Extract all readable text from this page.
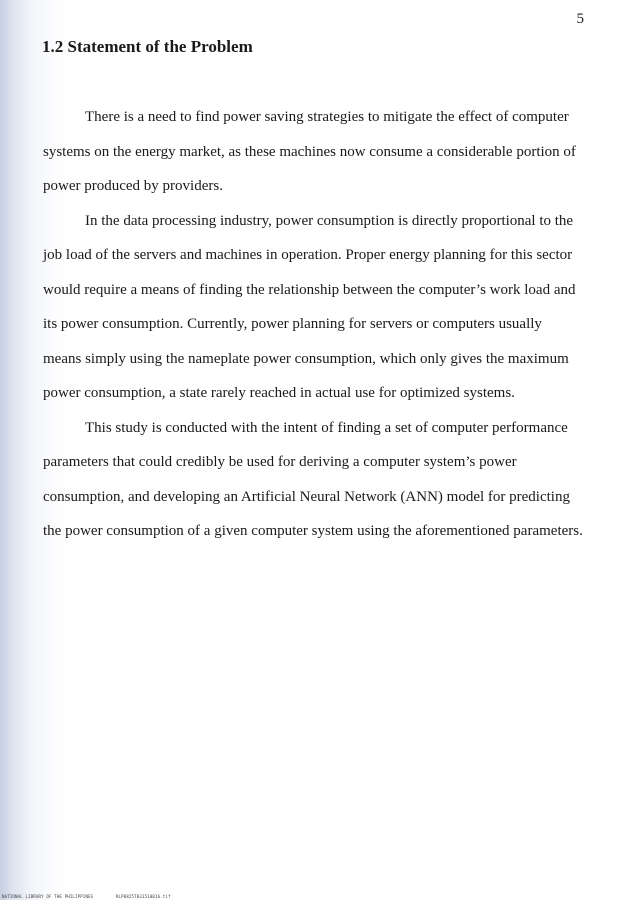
5
1.2 Statement of the Problem
There is a need to find power saving strategies to mitigate the effect of computer
systems on the energy market, as these machines now consume a considerable portion of
power produced by providers.
In the data processing industry, power consumption is directly proportional to the
job load of the servers and machines in operation. Proper energy planning for this sector
would require a means of finding the relationship between the computer’s work load and
its power consumption. Currently, power planning for servers or computers usually
means simply using the nameplate power consumption, which only gives the maximum
power consumption, a state rarely reached in actual use for optimized systems.
This study is conducted with the intent of finding a set of computer performance
parameters that could credibly be used for deriving a computer system’s power
consumption, and developing an Artificial Neural Network (ANN) model for predicting
the power consumption of a given computer system using the aforementioned parameters.
NATIONAL LIBRARY OF THE PHILIPPINES	RLP0825T031510016.tif
